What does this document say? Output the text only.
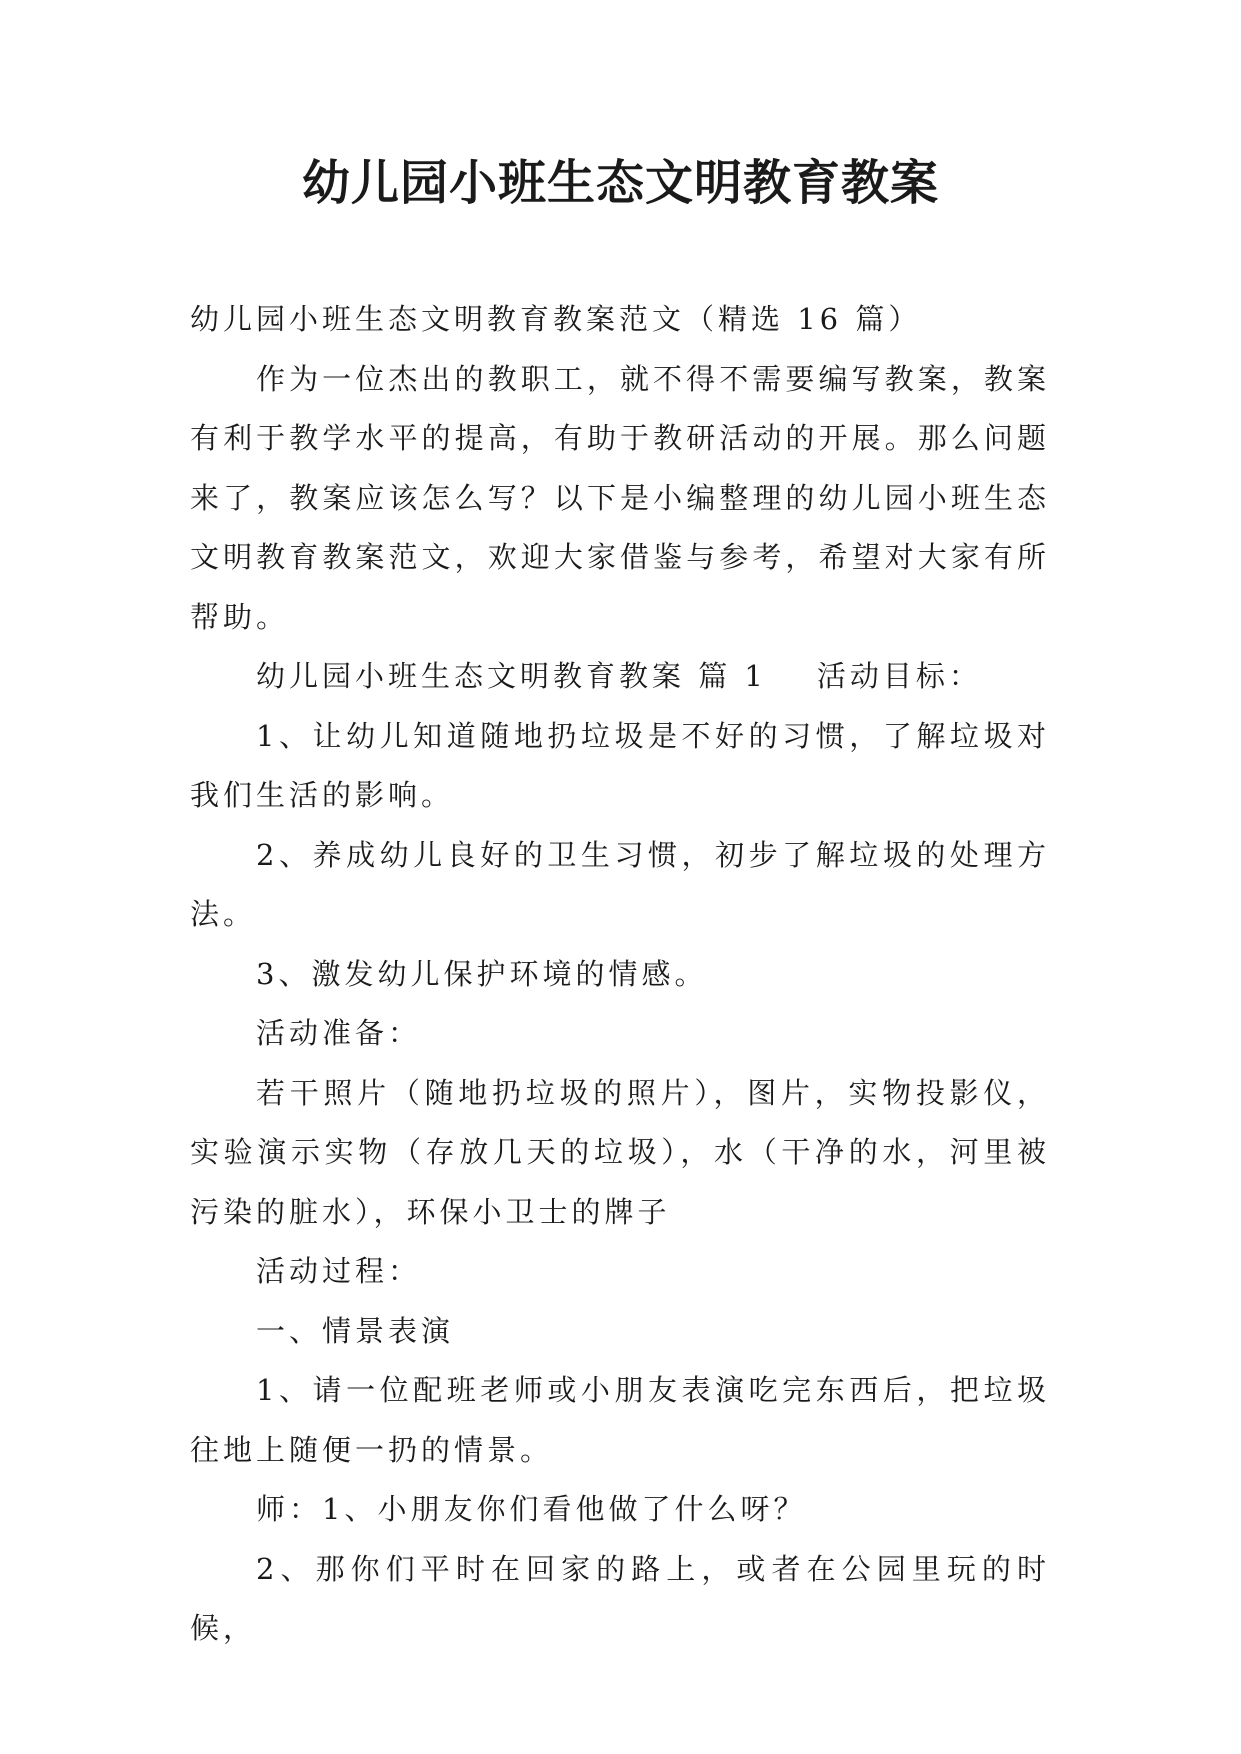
幼儿园小班生态文明教育教案

幼儿园小班生态文明教育教案范文（精选 16 篇）

作为一位杰出的教职工，就不得不需要编写教案，教案有利于教学水平的提高，有助于教研活动的开展。那么问题来了，教案应该怎么写？以下是小编整理的幼儿园小班生态文明教育教案范文，欢迎大家借鉴与参考，希望对大家有所帮助。

幼儿园小班生态文明教育教案 篇 1 活动目标：

1、让幼儿知道随地扔垃圾是不好的习惯，了解垃圾对我们生活的影响。

2、养成幼儿良好的卫生习惯，初步了解垃圾的处理方法。

3、激发幼儿保护环境的情感。

活动准备：

若干照片（随地扔垃圾的照片），图片，实物投影仪，实验演示实物（存放几天的垃圾），水（干净的水，河里被污染的脏水），环保小卫士的牌子

活动过程：

一、情景表演

1、请一位配班老师或小朋友表演吃完东西后，把垃圾往地上随便一扔的情景。

师：1、小朋友你们看他做了什么呀？

2、那你们平时在回家的路上，或者在公园里玩的时候，
